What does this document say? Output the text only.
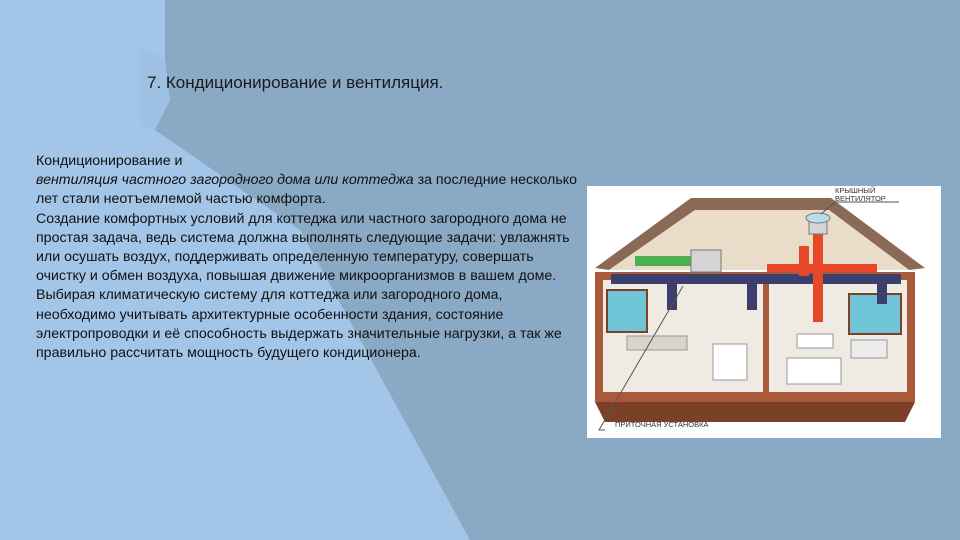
7. Кондиционирование и вентиляция.

Кондиционирование и
вентиляция частного загородного дома или коттеджа за последние несколько лет стали неотъемлемой частью комфорта.

Создание комфортных условий для коттеджа или частного загородного дома не простая задача, ведь система должна выполнять следующие задачи: увлажнять или осушать воздух, поддерживать определенную температуру, совершать очистку и обмен воздуха, повышая движение микроорганизмов в вашем доме.

Выбирая климатическую систему для коттеджа или загородного дома, необходимо учитывать архитектурные особенности здания, состояние электропроводки и её способность выдержать значительные нагрузки, а так же правильно рассчитать мощность будущего кондиционера.

КРЫШНЫЙ
ВЕНТИЛЯТОР
ПРИТОЧНАЯ УСТАНОВКА
